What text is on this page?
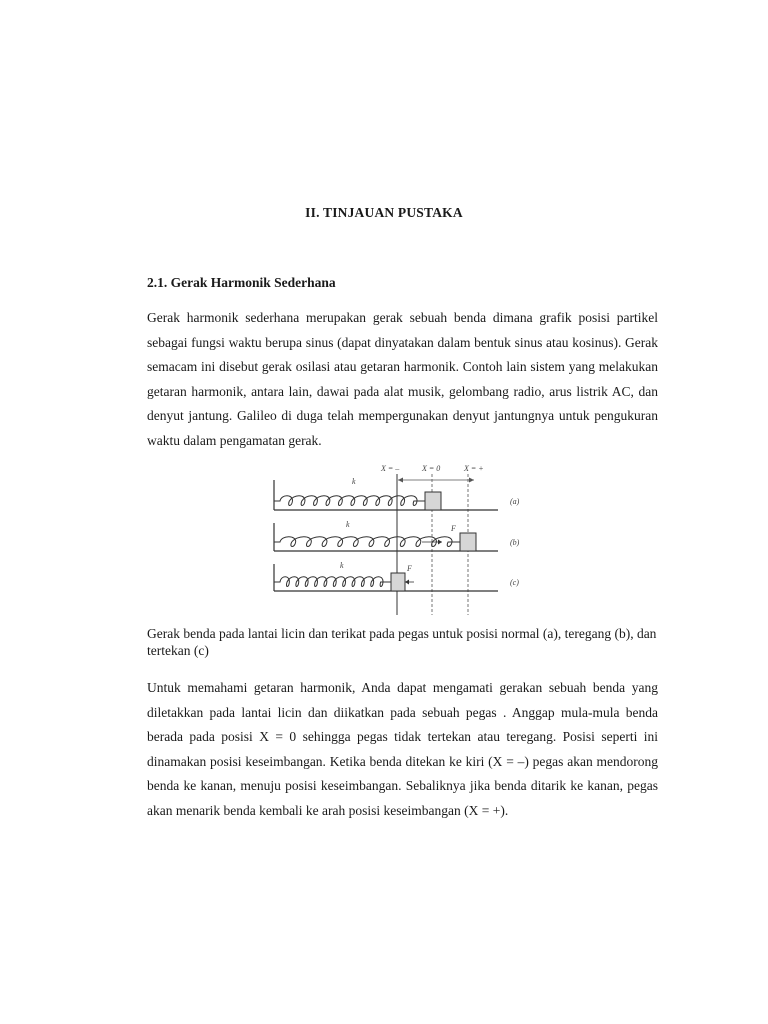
II. TINJAUAN PUSTAKA
2.1. Gerak Harmonik Sederhana

Gerak harmonik sederhana merupakan gerak sebuah benda dimana grafik posisi partikel sebagai fungsi waktu berupa sinus (dapat dinyatakan dalam bentuk sinus atau kosinus). Gerak semacam ini disebut gerak osilasi atau getaran harmonik. Contoh lain sistem yang melakukan getaran harmonik, antara lain, dawai pada alat musik, gelombang radio, arus listrik AC, dan denyut jantung. Galileo di duga telah mempergunakan denyut jantungnya untuk pengukuran waktu dalam pengamatan gerak.

X = –	X = 0	X = +
k
(a)
k	F
(b)
k	F
(c)

Gerak benda pada lantai licin dan terikat pada pegas untuk posisi normal (a), teregang (b), dan tertekan (c)

Untuk memahami getaran harmonik, Anda dapat mengamati gerakan sebuah benda yang diletakkan pada lantai licin dan diikatkan pada sebuah pegas . Anggap mula-mula benda berada pada posisi X = 0 sehingga pegas tidak tertekan atau teregang. Posisi seperti ini dinamakan posisi keseimbangan. Ketika benda ditekan ke kiri (X = –) pegas akan mendorong benda ke kanan, menuju posisi keseimbangan. Sebaliknya jika benda ditarik ke kanan, pegas akan menarik benda kembali ke arah posisi keseimbangan (X = +).
